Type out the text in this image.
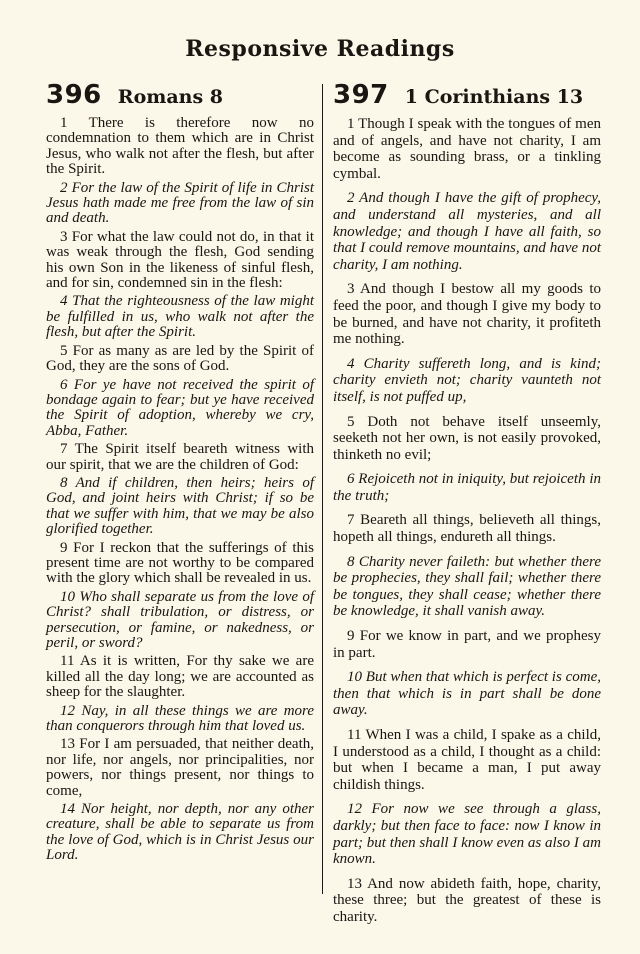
Responsive Readings
396 Romans 8

1 There is therefore now no condemnation to them which are in Christ Jesus, who walk not after the flesh, but after the Spirit.

2 For the law of the Spirit of life in Christ Jesus hath made me free from the law of sin and death.

3 For what the law could not do, in that it was weak through the flesh, God sending his own Son in the likeness of sinful flesh, and for sin, condemned sin in the flesh:

4 That the righteousness of the law might be fulfilled in us, who walk not after the flesh, but after the Spirit.

5 For as many as are led by the Spirit of God, they are the sons of God.

6 For ye have not received the spirit of bondage again to fear; but ye have received the Spirit of adoption, whereby we cry, Abba, Father.

7 The Spirit itself beareth witness with our spirit, that we are the children of God:

8 And if children, then heirs; heirs of God, and joint heirs with Christ; if so be that we suffer with him, that we may be also glorified together.

9 For I reckon that the sufferings of this present time are not worthy to be compared with the glory which shall be revealed in us.

10 Who shall separate us from the love of Christ? shall tribulation, or distress, or persecution, or famine, or nakedness, or peril, or sword?

11 As it is written, For thy sake we are killed all the day long; we are accounted as sheep for the slaughter.

12 Nay, in all these things we are more than conquerors through him that loved us.

13 For I am persuaded, that neither death, nor life, nor angels, nor principalities, nor powers, nor things present, nor things to come,

14 Nor height, nor depth, nor any other creature, shall be able to separate us from the love of God, which is in Christ Jesus our Lord.

397 1 Corinthians 13

1 Though I speak with the tongues of men and of angels, and have not charity, I am become as sounding brass, or a tinkling cymbal.

2 And though I have the gift of prophecy, and understand all mysteries, and all knowledge; and though I have all faith, so that I could remove mountains, and have not charity, I am nothing.

3 And though I bestow all my goods to feed the poor, and though I give my body to be burned, and have not charity, it profiteth me nothing.

4 Charity suffereth long, and is kind; charity envieth not; charity vaunteth not itself, is not puffed up,

5 Doth not behave itself unseemly, seeketh not her own, is not easily provoked, thinketh no evil;

6 Rejoiceth not in iniquity, but rejoiceth in the truth;

7 Beareth all things, believeth all things, hopeth all things, endureth all things.

8 Charity never faileth: but whether there be prophecies, they shall fail; whether there be tongues, they shall cease; whether there be knowledge, it shall vanish away.

9 For we know in part, and we prophesy in part.

10 But when that which is perfect is come, then that which is in part shall be done away.

11 When I was a child, I spake as a child, I understood as a child, I thought as a child: but when I became a man, I put away childish things.

12 For now we see through a glass, darkly; but then face to face: now I know in part; but then shall I know even as also I am known.

13 And now abideth faith, hope, charity, these three; but the greatest of these is charity.
